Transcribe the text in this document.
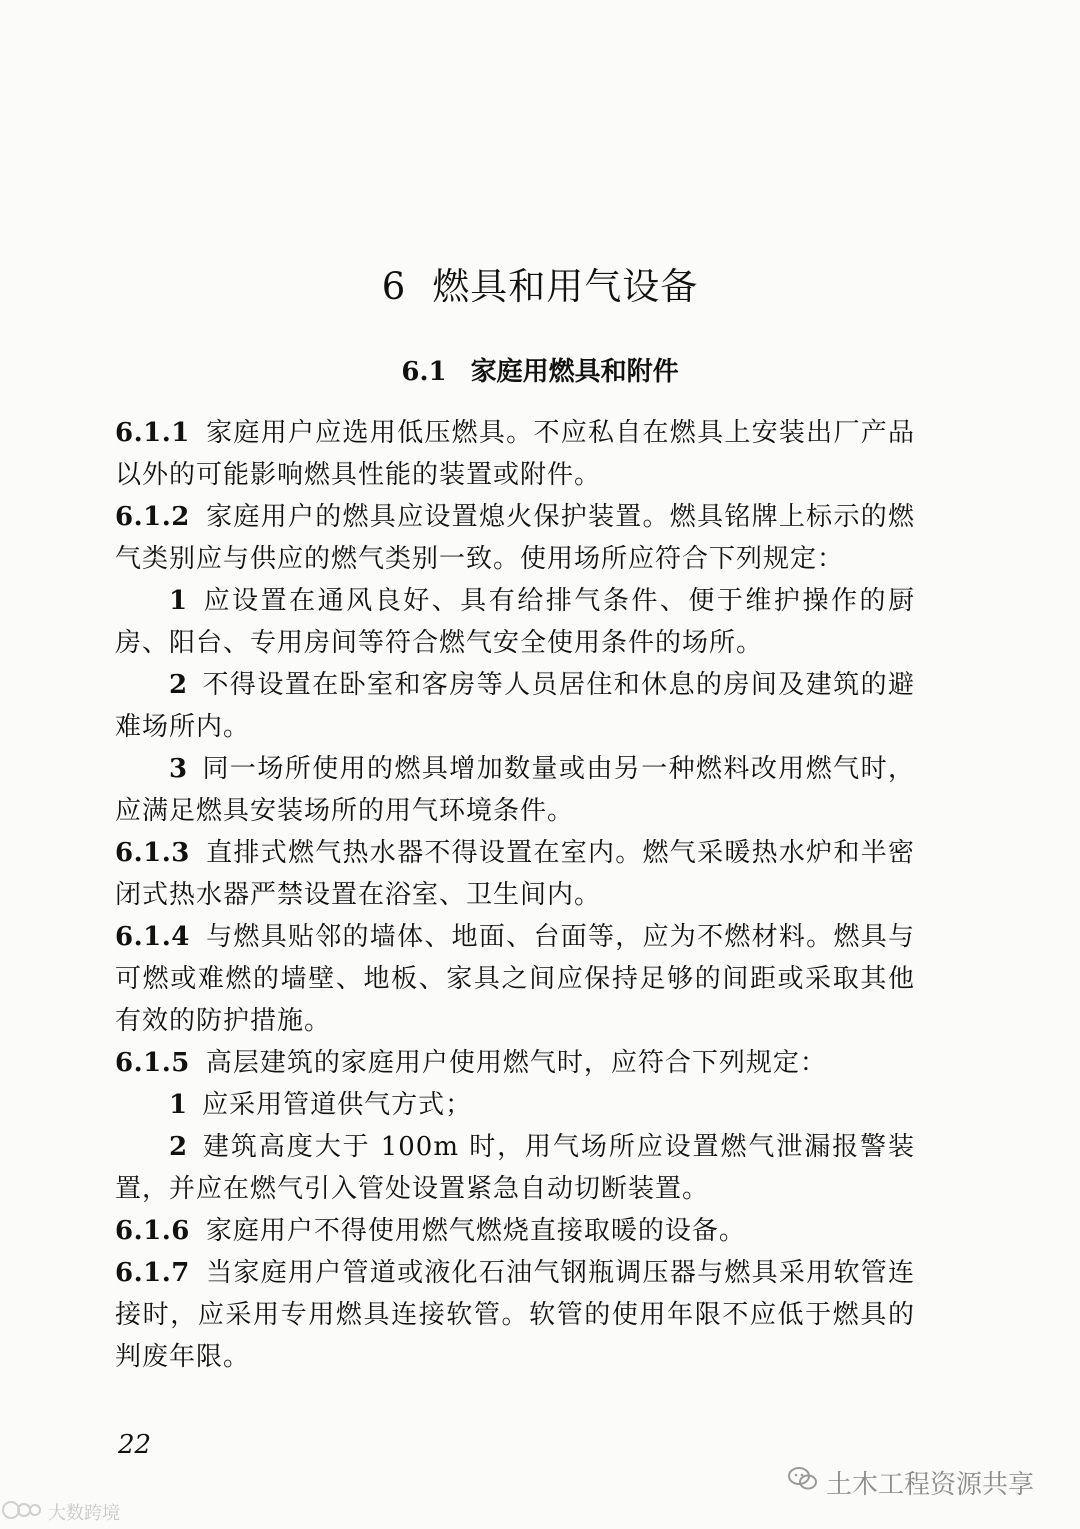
6 燃具和用气设备
6.1 家庭用燃具和附件

6.1.1 家庭用户应选用低压燃具。不应私自在燃具上安装出厂产品以外的可能影响燃具性能的装置或附件。

6.1.2 家庭用户的燃具应设置熄火保护装置。燃具铭牌上标示的燃气类别应与供应的燃气类别一致。使用场所应符合下列规定：

1 应设置在通风良好、具有给排气条件、便于维护操作的厨房、阳台、专用房间等符合燃气安全使用条件的场所。

2 不得设置在卧室和客房等人员居住和休息的房间及建筑的避难场所内。

3 同一场所使用的燃具增加数量或由另一种燃料改用燃气时，应满足燃具安装场所的用气环境条件。

6.1.3 直排式燃气热水器不得设置在室内。燃气采暖热水炉和半密闭式热水器严禁设置在浴室、卫生间内。

6.1.4 与燃具贴邻的墙体、地面、台面等，应为不燃材料。燃具与可燃或难燃的墙壁、地板、家具之间应保持足够的间距或采取其他有效的防护措施。

6.1.5 高层建筑的家庭用户使用燃气时，应符合下列规定：

1 应采用管道供气方式；

2 建筑高度大于 100m 时，用气场所应设置燃气泄漏报警装置，并应在燃气引入管处设置紧急自动切断装置。

6.1.6 家庭用户不得使用燃气燃烧直接取暖的设备。

6.1.7 当家庭用户管道或液化石油气钢瓶调压器与燃具采用软管连接时，应采用专用燃具连接软管。软管的使用年限不应低于燃具的判废年限。

22
土木工程资源共享
大数跨境
